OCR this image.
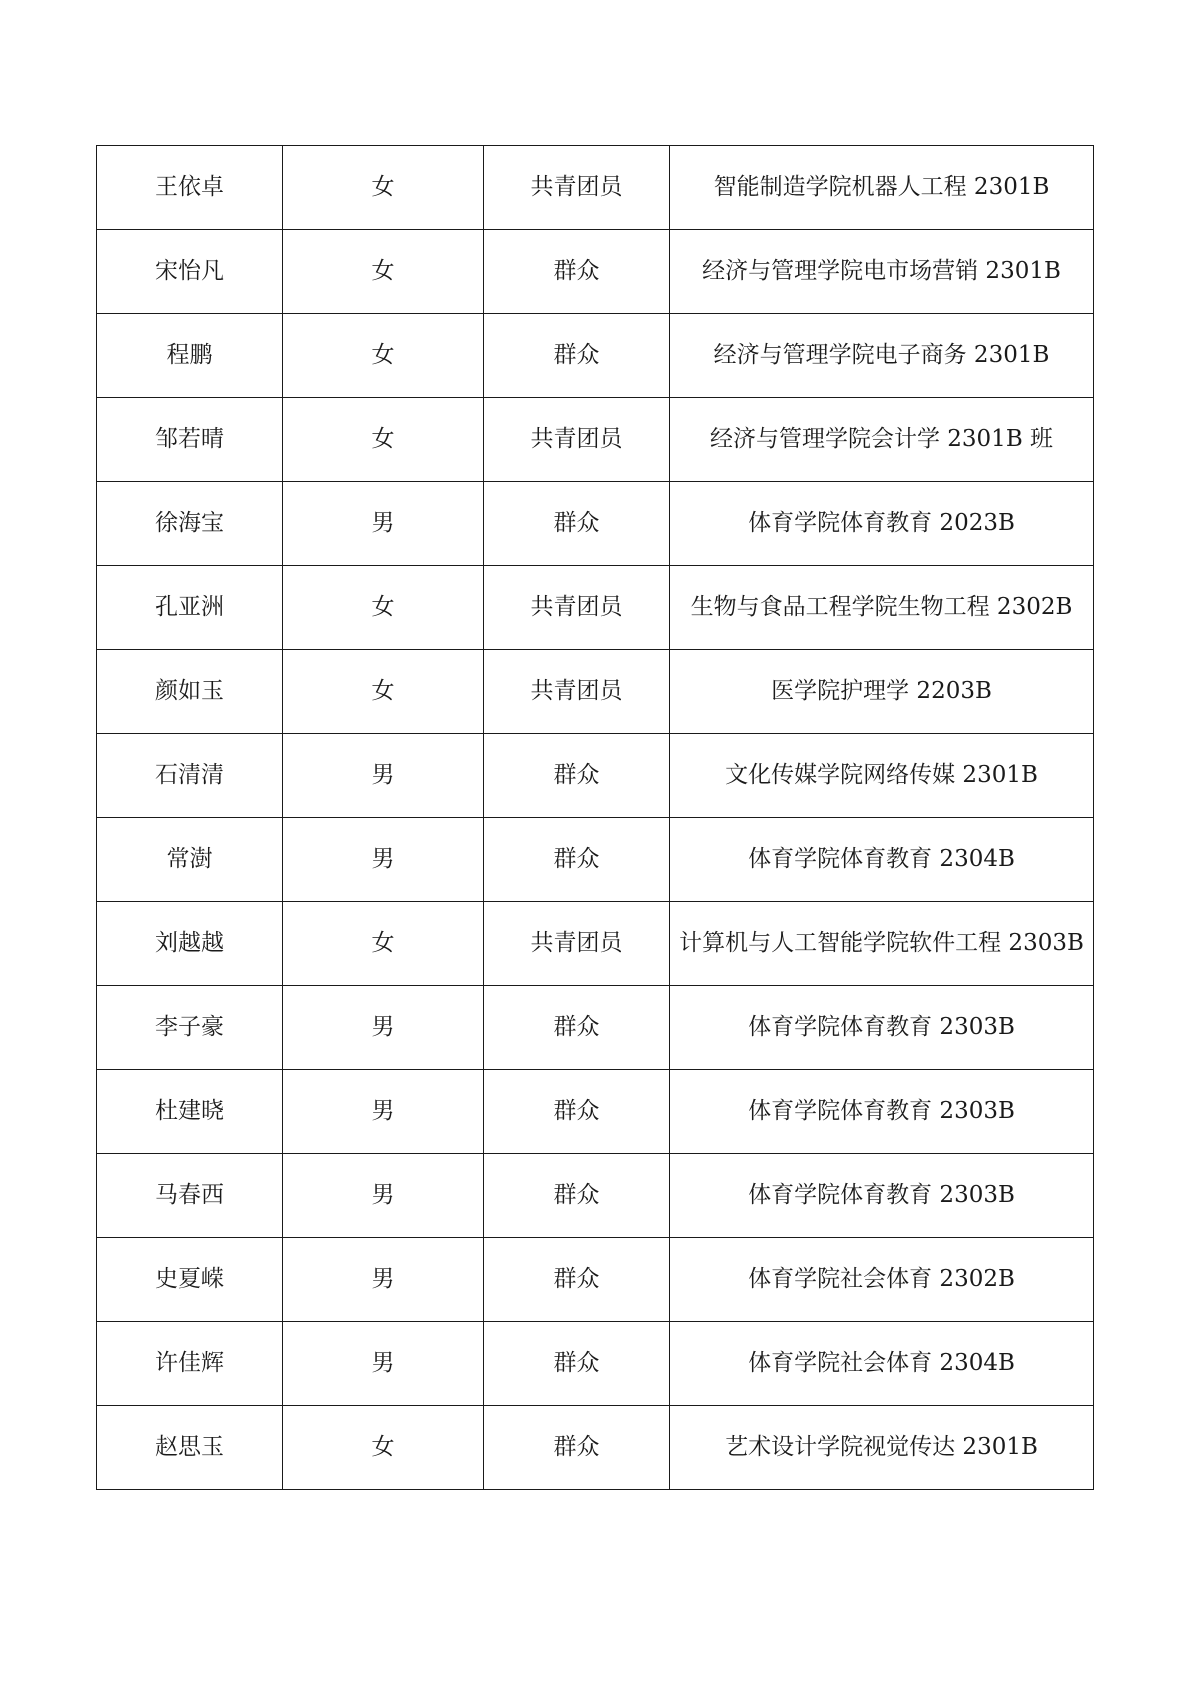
王依卓	女	共青团员	智能制造学院机器人工程 2301B
宋怡凡	女	群众	经济与管理学院电市场营销 2301B
程鹏	女	群众	经济与管理学院电子商务 2301B
邹若晴	女	共青团员	经济与管理学院会计学 2301B 班
徐海宝	男	群众	体育学院体育教育 2023B
孔亚洲	女	共青团员	生物与食品工程学院生物工程 2302B
颜如玉	女	共青团员	医学院护理学 2203B
石清清	男	群众	文化传媒学院网络传媒 2301B
常澍	男	群众	体育学院体育教育 2304B
刘越越	女	共青团员	计算机与人工智能学院软件工程 2303B
李子豪	男	群众	体育学院体育教育 2303B
杜建晓	男	群众	体育学院体育教育 2303B
马春西	男	群众	体育学院体育教育 2303B
史夏嵘	男	群众	体育学院社会体育 2302B
许佳辉	男	群众	体育学院社会体育 2304B
赵思玉	女	群众	艺术设计学院视觉传达 2301B
